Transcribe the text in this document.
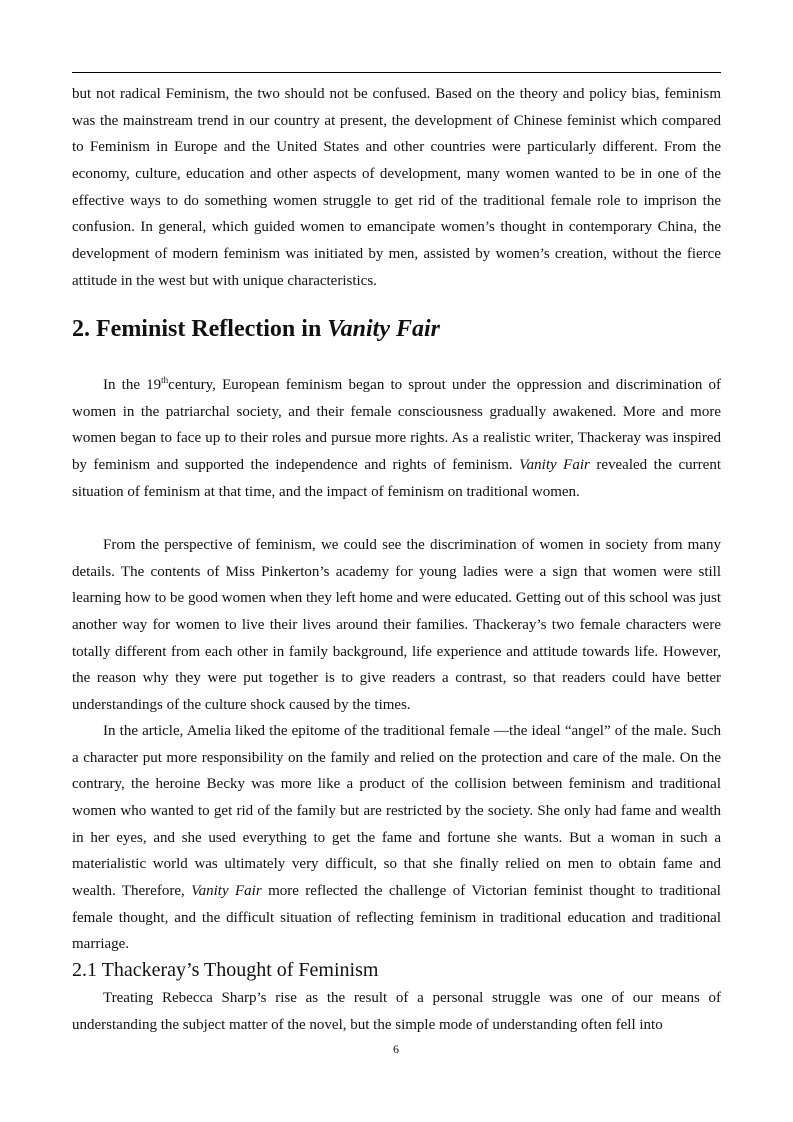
but not radical Feminism, the two should not be confused. Based on the theory and policy bias, feminism was the mainstream trend in our country at present, the development of Chinese feminist which compared to Feminism in Europe and the United States and other countries were particularly different. From the economy, culture, education and other aspects of development, many women wanted to be in one of the effective ways to do something women struggle to get rid of the traditional female role to imprison the confusion. In general, which guided women to emancipate women’s thought in contemporary China, the development of modern feminism was initiated by men, assisted by women’s creation, without the fierce attitude in the west but with unique characteristics.

2. Feminist Reflection in Vanity Fair

In the 19thcentury, European feminism began to sprout under the oppression and discrimination of women in the patriarchal society, and their female consciousness gradually awakened. More and more women began to face up to their roles and pursue more rights. As a realistic writer, Thackeray was inspired by feminism and supported the independence and rights of feminism. Vanity Fair revealed the current situation of feminism at that time, and the impact of feminism on traditional women.

From the perspective of feminism, we could see the discrimination of women in society from many details. The contents of Miss Pinkerton’s academy for young ladies were a sign that women were still learning how to be good women when they left home and were educated. Getting out of this school was just another way for women to live their lives around their families. Thackeray’s two female characters were totally different from each other in family background, life experience and attitude towards life. However, the reason why they were put together is to give readers a contrast, so that readers could have better understandings of the culture shock caused by the times.

In the article, Amelia liked the epitome of the traditional female —the ideal “angel” of the male. Such a character put more responsibility on the family and relied on the protection and care of the male. On the contrary, the heroine Becky was more like a product of the collision between feminism and traditional women who wanted to get rid of the family but are restricted by the society. She only had fame and wealth in her eyes, and she used everything to get the fame and fortune she wants. But a woman in such a materialistic world was ultimately very difficult, so that she finally relied on men to obtain fame and wealth. Therefore, Vanity Fair more reflected the challenge of Victorian feminist thought to traditional female thought, and the difficult situation of reflecting feminism in traditional education and traditional marriage.

2.1 Thackeray’s Thought of Feminism

Treating Rebecca Sharp’s rise as the result of a personal struggle was one of our means of understanding the subject matter of the novel, but the simple mode of understanding often fell into

6
